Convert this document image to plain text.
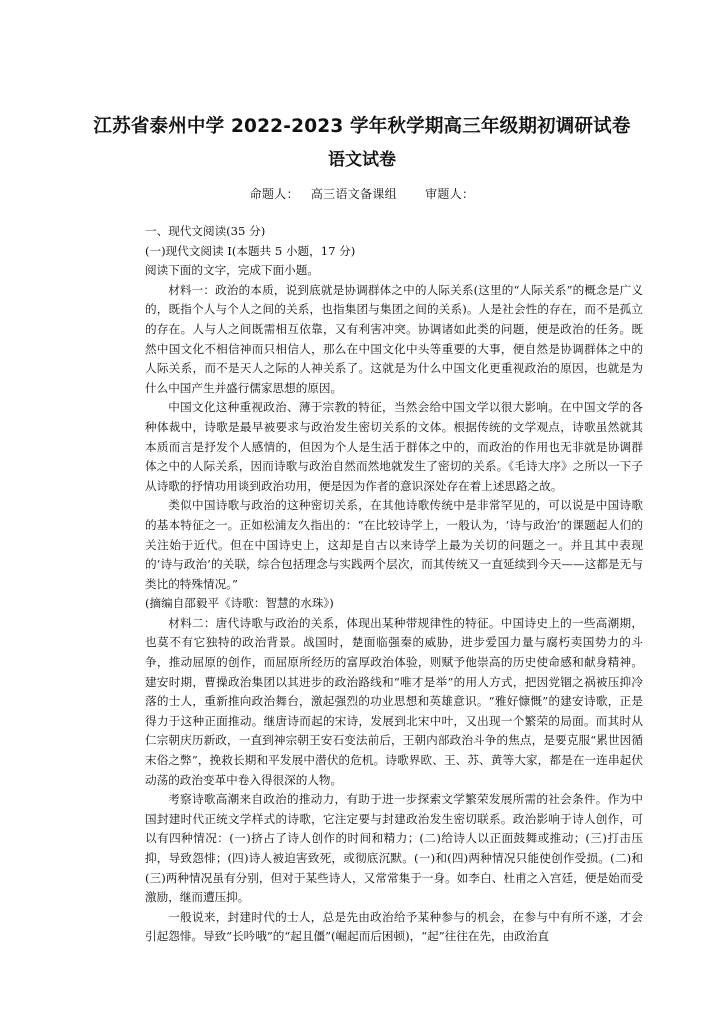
江苏省泰州中学 2022-2023 学年秋学期高三年级期初调研试卷
语文试卷
命题人： 高三语文备课组 审题人：

一、现代文阅读(35 分)

(一)现代文阅读 I(本题共 5 小题，17 分)

阅读下面的文字，完成下面小题。

材料一：政治的本质，说到底就是协调群体之中的人际关系(这里的“人际关系”的概念是广义的，既指个人与个人之间的关系，也指集团与集团之间的关系)。人是社会性的存在，而不是孤立的存在。人与人之间既需相互依靠，又有利害冲突。协调诸如此类的问题，便是政治的任务。既然中国文化不相信神而只相信人，那么在中国文化中头等重要的大事，便自然是协调群体之中的人际关系，而不是天人之际的人神关系了。这就是为什么中国文化更重视政治的原因，也就是为什么中国产生并盛行儒家思想的原因。

中国文化这种重视政治、薄于宗教的特征，当然会给中国文学以很大影响。在中国文学的各种体裁中，诗歌是最早被要求与政治发生密切关系的文体。根据传统的文学观点，诗歌虽然就其本质而言是抒发个人感情的，但因为个人是生活于群体之中的，而政治的作用也无非就是协调群体之中的人际关系，因而诗歌与政治自然而然地就发生了密切的关系。《毛诗大序》之所以一下子从诗歌的抒情功用谈到政治功用，便是因为作者的意识深处存在着上述思路之故。

类似中国诗歌与政治的这种密切关系，在其他诗歌传统中是非常罕见的，可以说是中国诗歌的基本特征之一。正如松浦友久指出的：“在比较诗学上，一般认为，‘诗与政治’的课题起人们的关注始于近代。但在中国诗史上，这却是自古以来诗学上最为关切的问题之一。并且其中表现的‘诗与政治’的关联，综合包括理念与实践两个层次，而其传统又一直延续到今天——这都是无与类比的特殊情况。”

(摘编自邵毅平《诗歌：智慧的水珠》)

材料二：唐代诗歌与政治的关系，体现出某种带规律性的特征。中国诗史上的一些高潮期，也莫不有它独特的政治背景。战国时，楚面临强秦的威胁，进步爱国力量与腐朽卖国势力的斗争，推动屈原的创作，而屈原所经历的富厚政治体验，则赋予他崇高的历史使命感和献身精神。建安时期，曹操政治集团以其进步的政治路线和“唯才是举”的用人方式，把因党锢之祸被压抑冷落的士人，重新推向政治舞台，激起强烈的功业思想和英雄意识。“雅好慷慨”的建安诗歌，正是得力于这种正面推动。继唐诗而起的宋诗，发展到北宋中叶，又出现一个繁荣的局面。而其时从仁宗朝庆历新政，一直到神宗朝王安石变法前后，王朝内部政治斗争的焦点，是要克服“累世因循末俗之弊”，挽救长期和平发展中潜伏的危机。诗歌界欧、王、苏、黄等大家，都是在一连串起伏动荡的政治变革中卷入得很深的人物。

考察诗歌高潮来自政治的推动力，有助于进一步探索文学繁荣发展所需的社会条件。作为中国封建时代正统文学样式的诗歌，它注定要与封建政治发生密切联系。政治影响于诗人创作，可以有四种情况：(一)挤占了诗人创作的时间和精力；(二)给诗人以正面鼓舞或推动；(三)打击压抑，导致怨悱；(四)诗人被迫害致死，或彻底沉默。(一)和(四)两种情况只能使创作受损。(二)和(三)两种情况虽有分别，但对于某些诗人，又常常集于一身。如李白、杜甫之入宫廷，便是始而受激励，继而遭压抑。

一般说来，封建时代的士人，总是先由政治给予某种参与的机会，在参与中有所不遂，才会引起怨悱。导致“长吟哦”的“起且僵”(崛起而后困顿)，“起”往往在先，由政治直
